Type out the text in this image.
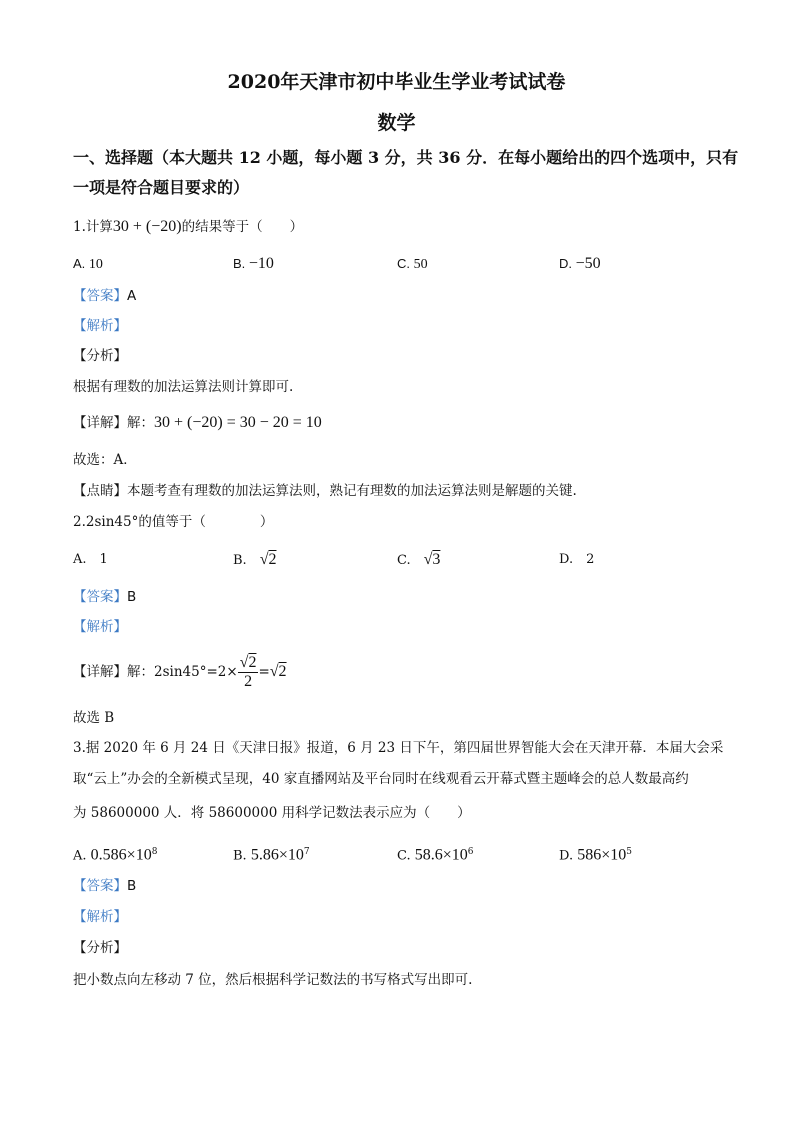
2020年天津市初中毕业生学业考试试卷
数学
一、选择题（本大题共 12 小题，每小题 3 分，共 36 分．在每小题给出的四个选项中，只有
一项是符合题目要求的）
1.计算30 + (−20)的结果等于（　　）
A. 10	B. −10	C. 50	D. −50
【答案】A
【解析】
【分析】
根据有理数的加法运算法则计算即可.
【详解】解：30 + (−20) = 30 − 20 = 10
故选：A．
【点睛】本题考查有理数的加法运算法则，熟记有理数的加法运算法则是解题的关键.
2.2sin45°的值等于（　　　　）
A.　1	B.　√2	C.　√3	D.　2
【答案】B
【解析】
【详解】解：$2\sin 45^\circ=2\times \frac{√2}{2} =√2$
故选 B
3.据 2020 年 6 月 24 日《天津日报》报道，6 月 23 日下午，第四届世界智能大会在天津开幕．本届大会采
取“云上”办会的全新模式呈现，40 家直播网站及平台同时在线观看云开幕式暨主题峰会的总人数最高约
为 58600000 人．将 58600000 用科学记数法表示应为（　　）
A. $0.586\times 10^8$	B. $5.86\times 10^7$	C. $58.6\times 10^6$	D. $586\times 10^5$
【答案】B
【解析】
【分析】
把小数点向左移动 7 位，然后根据科学记数法的书写格式写出即可.
